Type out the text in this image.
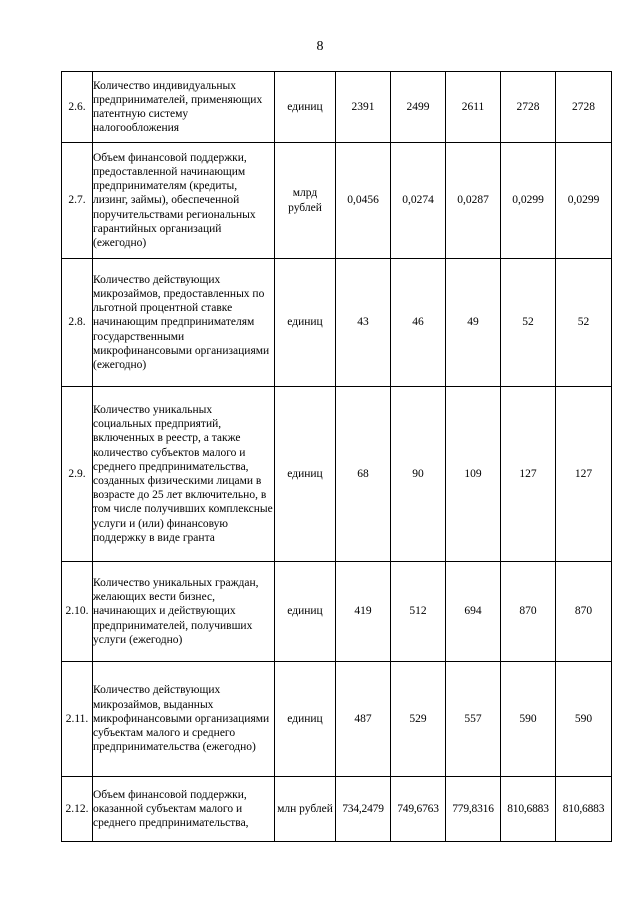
8
2.6.	Количество индивидуальных предпринимателей, применяющих патентную систему налогообложения	единиц	2391	2499	2611	2728	2728
2.7.	Объем финансовой поддержки, предоставленной начинающим предпринимателям (кредиты, лизинг, займы), обеспеченной поручительствами региональных гарантийных организаций (ежегодно)	млрд рублей	0,0456	0,0274	0,0287	0,0299	0,0299
2.8.	Количество действующих микрозаймов, предоставленных по льготной процентной ставке начинающим предпринимателям государственными микрофинансовыми организациями (ежегодно)	единиц	43	46	49	52	52
2.9.	Количество уникальных социальных предприятий, включенных в реестр, а также количество субъектов малого и среднего предпринимательства, созданных физическими лицами в возрасте до 25 лет включительно, в том числе получивших комплексные услуги и (или) финансовую поддержку в виде гранта	единиц	68	90	109	127	127
2.10.	Количество уникальных граждан, желающих вести бизнес, начинающих и действующих предпринимателей, получивших услуги (ежегодно)	единиц	419	512	694	870	870
2.11.	Количество действующих микрозаймов, выданных микрофинансовыми организациями субъектам малого и среднего предпринимательства (ежегодно)	единиц	487	529	557	590	590
2.12.	Объем финансовой поддержки, оказанной субъектам малого и среднего предпринимательства,	млн рублей	734,2479	749,6763	779,8316	810,6883	810,6883
